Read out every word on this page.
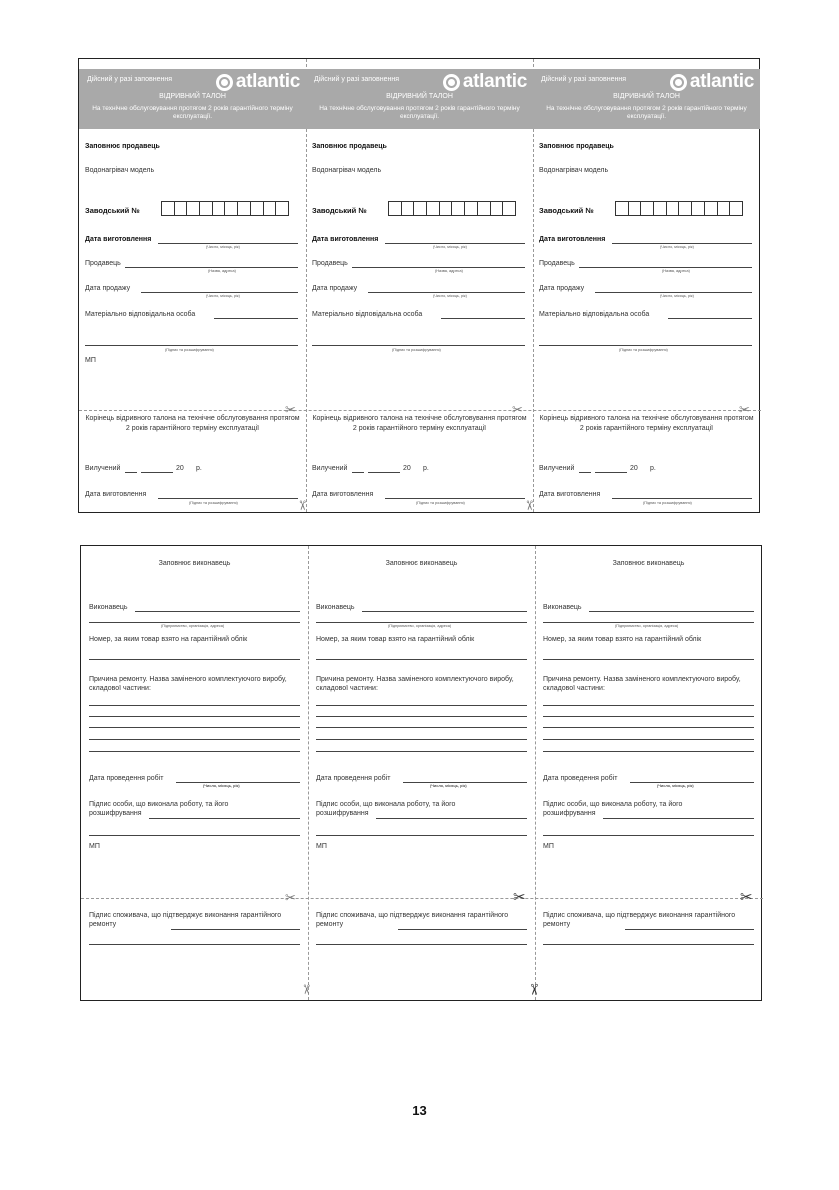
Дійсний у разі заповнення	atlantic
ВІДРИВНИЙ ТАЛОН
На технічне обслуговування протягом 2 років гарантійного терміну експлуатації.
Заповнює продавець
Водонагрівач модель
Заводський №
Дата виготовлення
(Число, місяць, рік)
Продавець
(Назва, адреса)
Дата продажу
(Число, місяць, рік)
Матеріально відповідальна особа
(Підпис та розшифрування)
МП
✂
Корінець відривного талона на технічне обслуговування протягом 2 років гарантійного терміну експлуатації
Вилучений	20 р.
Дата виготовлення
(Підпис та розшифрування)	✂
Дійсний у разі заповнення	atlantic
ВІДРИВНИЙ ТАЛОН
На технічне обслуговування протягом 2 років гарантійного терміну експлуатації.
Заповнює продавець
Водонагрівач модель
Заводський №
Дата виготовлення
(Число, місяць, рік)
Продавець
(Назва, адреса)
Дата продажу
(Число, місяць, рік)
Матеріально відповідальна особа
(Підпис та розшифрування)
✂
Корінець відривного талона на технічне обслуговування протягом 2 років гарантійного терміну експлуатації
Вилучений	20 р.
Дата виготовлення
(Підпис та розшифрування)	✂
Дійсний у разі заповнення	atlantic
ВІДРИВНИЙ ТАЛОН
На технічне обслуговування протягом 2 років гарантійного терміну експлуатації.
Заповнює продавець
Водонагрівач модель
Заводський №
Дата виготовлення
(Число, місяць, рік)
Продавець
(Назва, адреса)
Дата продажу
(Число, місяць, рік)
Матеріально відповідальна особа
(Підпис та розшифрування)
✂
Корінець відривного талона на технічне обслуговування протягом 2 років гарантійного терміну експлуатації
Вилучений	20 р.
Дата виготовлення
(Підпис та розшифрування)
Заповнює виконавець
Виконавець
(Підприємство, організація, адреса)
Номер, за яким товар взято на гарантійний облік
Причина ремонту. Назва заміненого комплектуючого виробу, складової частини:
Дата проведення робіт
(Число, місяць, рік)
Підпис особи, що виконала роботу, та його розшифрування
МП
✂
Підпис споживача, що підтверджує виконання гарантійного ремонту
✂
Заповнює виконавець
Виконавець
(Підприємство, організація, адреса)
Номер, за яким товар взято на гарантійний облік
Причина ремонту. Назва заміненого комплектуючого виробу, складової частини:
Дата проведення робіт
(Число, місяць, рік)
Підпис особи, що виконала роботу, та його розшифрування
МП
✂
Підпис споживача, що підтверджує виконання гарантійного ремонту
✂
Заповнює виконавець
Виконавець
(Підприємство, організація, адреса)
Номер, за яким товар взято на гарантійний облік
Причина ремонту. Назва заміненого комплектуючого виробу, складової частини:
Дата проведення робіт
(Число, місяць, рік)
Підпис особи, що виконала роботу, та його розшифрування
МП
✂
Підпис споживача, що підтверджує виконання гарантійного ремонту
13
